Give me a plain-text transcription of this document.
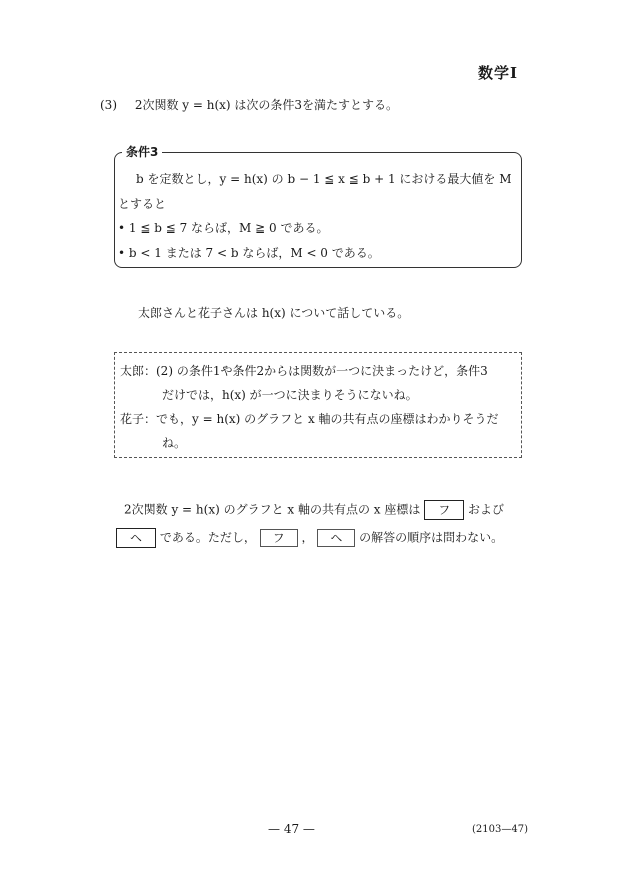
数学Ⅰ
(3) 2次関数 y = h(x) は次の条件3を満たすとする。
条件3
b を定数とし，y = h(x) の b − 1 ≦ x ≦ b + 1 における最大値を M
とすると
• 1 ≦ b ≦ 7 ならば，M ≧ 0 である。
• b < 1 または 7 < b ならば，M < 0 である。
太郎さんと花子さんは h(x) について話している。
太郎：(2) の条件1や条件2からは関数が一つに決まったけど，条件3
だけでは，h(x) が一つに決まりそうにないね。
花子：でも，y = h(x) のグラフと x 軸の共有点の座標はわかりそうだ
ね。
2次関数 y = h(x) のグラフと x 軸の共有点の x 座標は フ および
ヘ である。ただし， フ ， ヘ の解答の順序は問わない。
— 47 —	(2103—47)
